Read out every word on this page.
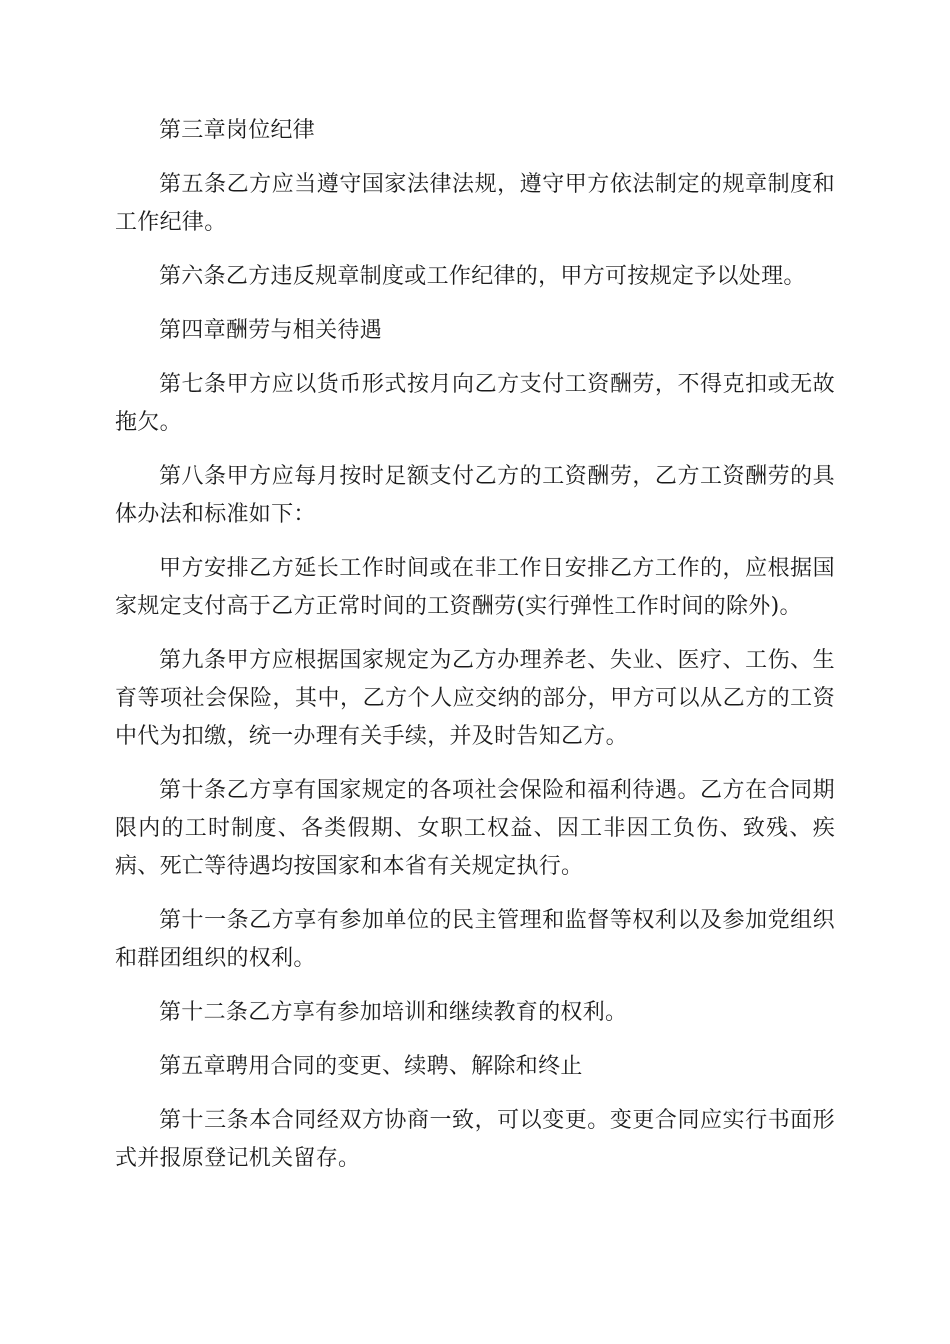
第三章岗位纪律

第五条乙方应当遵守国家法律法规，遵守甲方依法制定的规章制度和工作纪律。

第六条乙方违反规章制度或工作纪律的，甲方可按规定予以处理。

第四章酬劳与相关待遇

第七条甲方应以货币形式按月向乙方支付工资酬劳，不得克扣或无故拖欠。

第八条甲方应每月按时足额支付乙方的工资酬劳，乙方工资酬劳的具体办法和标准如下：

甲方安排乙方延长工作时间或在非工作日安排乙方工作的，应根据国家规定支付高于乙方正常时间的工资酬劳(实行弹性工作时间的除外)。

第九条甲方应根据国家规定为乙方办理养老、失业、医疗、工伤、生育等项社会保险，其中，乙方个人应交纳的部分，甲方可以从乙方的工资中代为扣缴，统一办理有关手续，并及时告知乙方。

第十条乙方享有国家规定的各项社会保险和福利待遇。乙方在合同期限内的工时制度、各类假期、女职工权益、因工非因工负伤、致残、疾病、死亡等待遇均按国家和本省有关规定执行。

第十一条乙方享有参加单位的民主管理和监督等权利以及参加党组织和群团组织的权利。

第十二条乙方享有参加培训和继续教育的权利。

第五章聘用合同的变更、续聘、解除和终止

第十三条本合同经双方协商一致，可以变更。变更合同应实行书面形式并报原登记机关留存。
